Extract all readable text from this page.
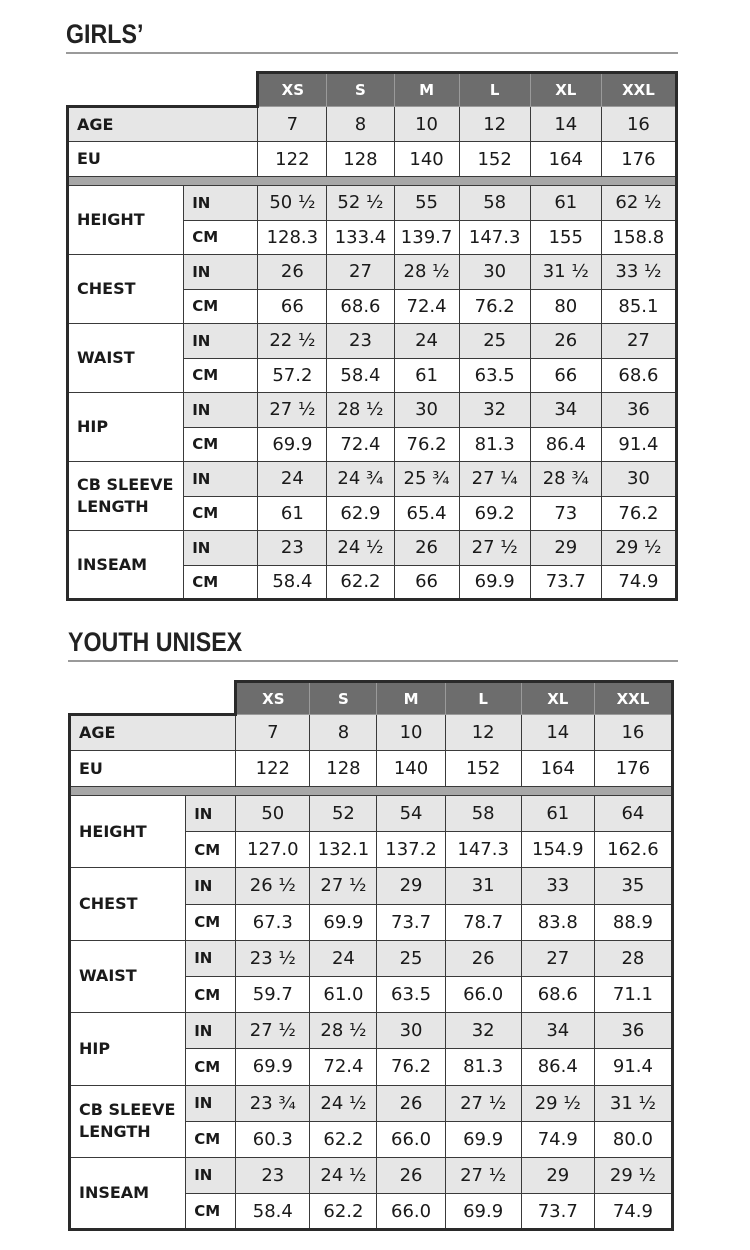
GIRLS’
		XS	S	M	L	XL	XXL
AGE		7	8	10	12	14	16
EU		122	128	140	152	164	176

HEIGHT	IN	50 ½	52 ½	55	58	61	62 ½
	CM	128.3	133.4	139.7	147.3	155	158.8
CHEST	IN	26	27	28 ½	30	31 ½	33 ½
	CM	66	68.6	72.4	76.2	80	85.1
WAIST	IN	22 ½	23	24	25	26	27
	CM	57.2	58.4	61	63.5	66	68.6
HIP	IN	27 ½	28 ½	30	32	34	36
	CM	69.9	72.4	76.2	81.3	86.4	91.4
CB SLEEVE LENGTH	IN	24	24 ¾	25 ¾	27 ¼	28 ¾	30
	CM	61	62.9	65.4	69.2	73	76.2
INSEAM	IN	23	24 ½	26	27 ½	29	29 ½
	CM	58.4	62.2	66	69.9	73.7	74.9
YOUTH UNISEX
		XS	S	M	L	XL	XXL
AGE		7	8	10	12	14	16
EU		122	128	140	152	164	176

HEIGHT	IN	50	52	54	58	61	64
	CM	127.0	132.1	137.2	147.3	154.9	162.6
CHEST	IN	26 ½	27 ½	29	31	33	35
	CM	67.3	69.9	73.7	78.7	83.8	88.9
WAIST	IN	23 ½	24	25	26	27	28
	CM	59.7	61.0	63.5	66.0	68.6	71.1
HIP	IN	27 ½	28 ½	30	32	34	36
	CM	69.9	72.4	76.2	81.3	86.4	91.4
CB SLEEVE LENGTH	IN	23 ¾	24 ½	26	27 ½	29 ½	31 ½
	CM	60.3	62.2	66.0	69.9	74.9	80.0
INSEAM	IN	23	24 ½	26	27 ½	29	29 ½
	CM	58.4	62.2	66.0	69.9	73.7	74.9
